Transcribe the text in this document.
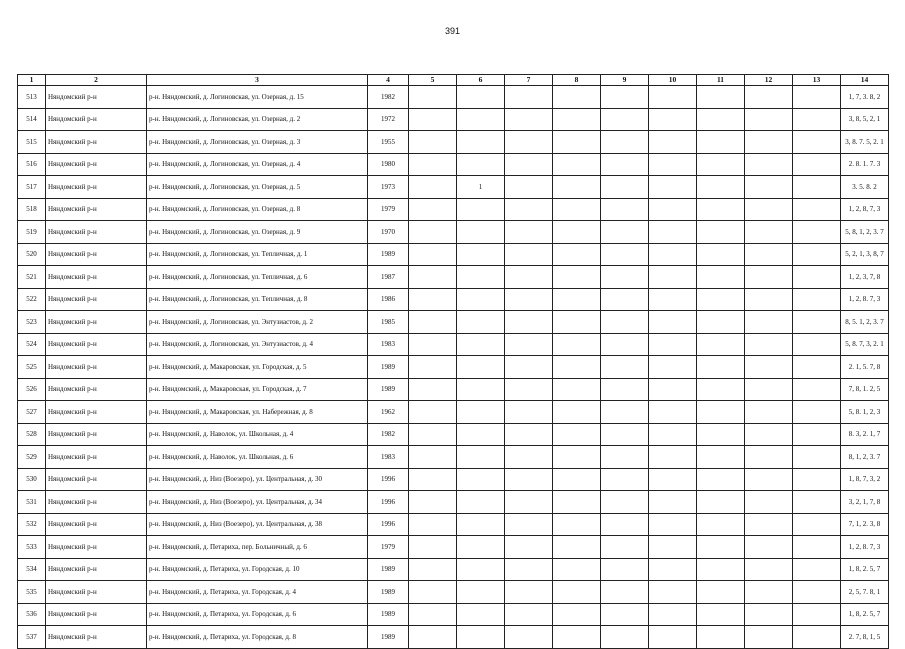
391
1	2	3	4	5	6	7	8	9	10	11	12	13	14
513	Няндомский р-н	р-н. Няндомский, д. Логиновская, ул. Озерная, д. 15	1982										1, 7, 3. 8, 2
514	Няндомский р-н	р-н. Няндомский, д. Логиновская, ул. Озерная, д. 2	1972										3, 8, 5, 2, 1
515	Няндомский р-н	р-н. Няндомский, д. Логиновская, ул. Озерная, д. 3	1955										3, 8. 7. 5, 2. 1
516	Няндомский р-н	р-н. Няндомский, д. Логиновская, ул. Озерная, д. 4	1980										2. 8. 1. 7. 3
517	Няндомский р-н	р-н. Няндомский, д. Логиновская, ул. Озерная, д. 5	1973		1								3. 5. 8. 2
518	Няндомский р-н	р-н. Няндомский, д. Логиновская, ул. Озерная, д. 8	1979										1, 2, 8, 7, 3
519	Няндомский р-н	р-н. Няндомский, д. Логиновская, ул. Озерная, д. 9	1970										5, 8, 1, 2, 3. 7
520	Няндомский р-н	р-н. Няндомский, д. Логиновская, ул. Тепличная, д. 1	1989										5, 2, 1, 3, 8, 7
521	Няндомский р-н	р-н. Няндомский, д. Логиновская, ул. Тепличная, д. 6	1987										1, 2, 3, 7, 8
522	Няндомский р-н	р-н. Няндомский, д. Логиновская, ул. Тепличная, д. 8	1986										1, 2, 8. 7, 3
523	Няндомский р-н	р-н. Няндомский, д. Логиновская, ул. Энтузиастов, д. 2	1985										8, 5. 1, 2, 3. 7
524	Няндомский р-н	р-н. Няндомский, д. Логиновская, ул. Энтузиастов, д. 4	1983										5, 8. 7, 3, 2. 1
525	Няндомский р-н	р-н. Няндомский, д. Макаровская, ул. Городская, д. 5	1989										2. 1, 5. 7, 8
526	Няндомский р-н	р-н. Няндомский, д. Макаровская, ул. Городская, д. 7	1989										7, 8, 1. 2, 5
527	Няндомский р-н	р-н. Няндомский, д. Макаровская, ул. Набережная, д. 8	1962										5, 8. 1, 2, 3
528	Няндомский р-н	р-н. Няндомский, д. Наволок, ул. Школьная, д. 4	1982										8. 3, 2. 1, 7
529	Няндомский р-н	р-н. Няндомский, д. Наволок, ул. Школьная, д. 6	1983										8, 1, 2, 3. 7
530	Няндомский р-н	р-н. Няндомский, д. Низ (Воезеро), ул. Центральная, д. 30	1996										1, 8, 7, 3, 2
531	Няндомский р-н	р-н. Няндомский, д. Низ (Воезеро), ул. Центральная, д. 34	1996										3, 2, 1, 7, 8
532	Няндомский р-н	р-н. Няндомский, д. Низ (Воезеро), ул. Центральная, д. 38	1996										7, 1, 2. 3, 8
533	Няндомский р-н	р-н. Няндомский, д. Петариха, пер. Больничный, д. 6	1979										1, 2, 8. 7, 3
534	Няндомский р-н	р-н. Няндомский, д. Петариха, ул. Городская, д. 10	1989										1, 8, 2. 5, 7
535	Няндомский р-н	р-н. Няндомский, д. Петариха, ул. Городская, д. 4	1989										2, 5, 7. 8, 1
536	Няндомский р-н	р-н. Няндомский, д. Петариха, ул. Городская, д. 6	1989										1, 8, 2. 5, 7
537	Няндомский р-н	р-н. Няндомский, д. Петариха, ул. Городская, д. 8	1989										2. 7, 8, 1, 5
